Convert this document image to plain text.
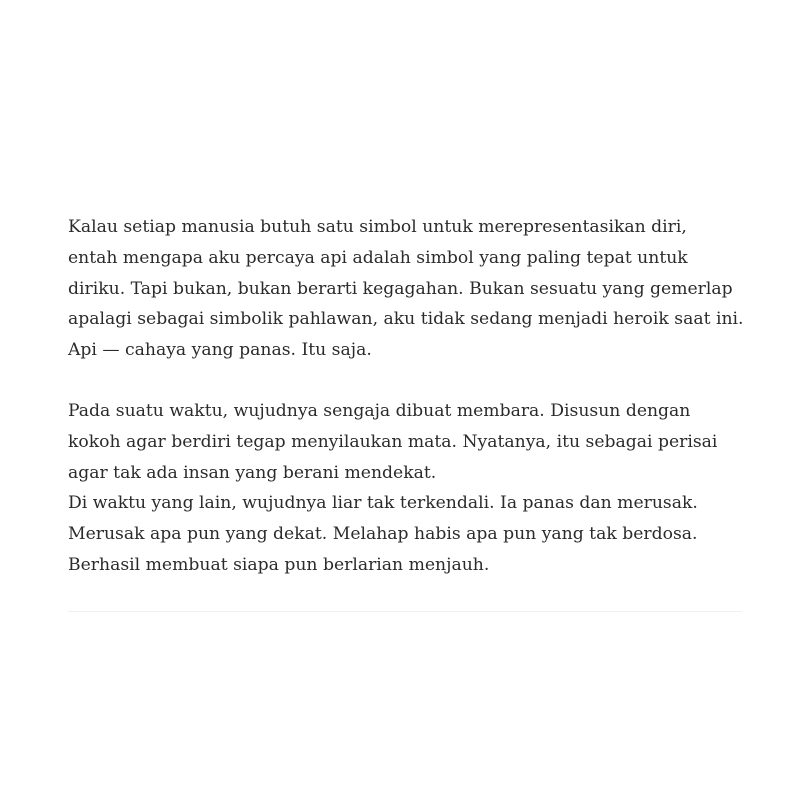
Kalau setiap manusia butuh satu simbol untuk merepresentasikan diri,
entah mengapa aku percaya api adalah simbol yang paling tepat untuk
diriku. Tapi bukan, bukan berarti kegagahan. Bukan sesuatu yang gemerlap
apalagi sebagai simbolik pahlawan, aku tidak sedang menjadi heroik saat ini.
Api — cahaya yang panas. Itu saja.

Pada suatu waktu, wujudnya sengaja dibuat membara. Disusun dengan
kokoh agar berdiri tegap menyilaukan mata. Nyatanya, itu sebagai perisai
agar tak ada insan yang berani mendekat.
Di waktu yang lain, wujudnya liar tak terkendali. Ia panas dan merusak.
Merusak apa pun yang dekat. Melahap habis apa pun yang tak berdosa.
Berhasil membuat siapa pun berlarian menjauh.
